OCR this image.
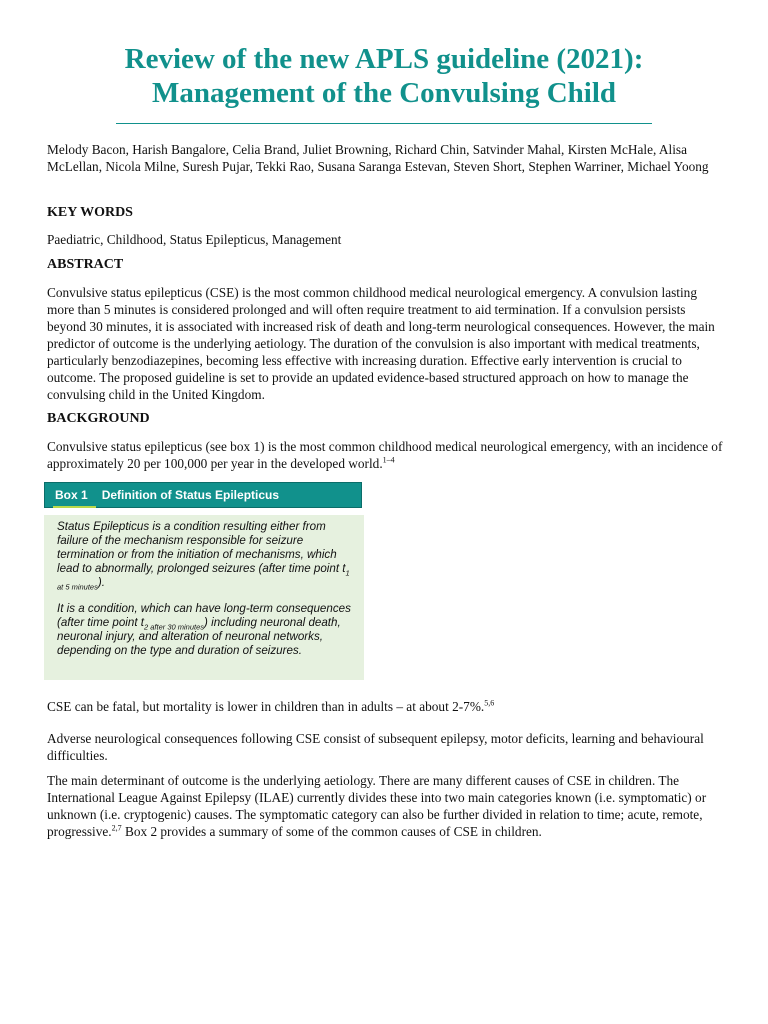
Review of the new APLS guideline (2021):
Management of the Convulsing Child
Melody Bacon, Harish Bangalore, Celia Brand, Juliet Browning, Richard Chin, Satvinder Mahal, Kirsten McHale, Alisa McLellan, Nicola Milne, Suresh Pujar, Tekki Rao, Susana Saranga Estevan, Steven Short, Stephen Warriner, Michael Yoong
KEY WORDS

Paediatric, Childhood, Status Epilepticus, Management

ABSTRACT

Convulsive status epilepticus (CSE) is the most common childhood medical neurological emergency. A convulsion lasting more than 5 minutes is considered prolonged and will often require treatment to aid termination. If a convulsion persists beyond 30 minutes, it is associated with increased risk of death and long-term neurological consequences. However, the main predictor of outcome is the underlying aetiology. The duration of the convulsion is also important with medical treatments, particularly benzodiazepines, becoming less effective with increasing duration. Effective early intervention is crucial to outcome. The proposed guideline is set to provide an updated evidence-based structured approach on how to manage the convulsing child in the United Kingdom.

BACKGROUND

Convulsive status epilepticus (see box 1) is the most common childhood medical neurological emergency, with an incidence of approximately 20 per 100,000 per year in the developed world.$^{1-4}$

Box 1 Definition of Status Epilepticus

Status Epilepticus is a condition resulting either from failure of the mechanism responsible for seizure termination or from the initiation of mechanisms, which lead to abnormally, prolonged seizures (after time point $t_{1 at 5 minutes}$).

It is a condition, which can have long-term consequences (after time point $t_{2 after 30 minutes}$) including neuronal death, neuronal injury, and alteration of neuronal networks, depending on the type and duration of seizures.

CSE can be fatal, but mortality is lower in children than in adults – at about 2-7%.$^{5,6}$

Adverse neurological consequences following CSE consist of subsequent epilepsy, motor deficits, learning and behavioural difficulties.

The main determinant of outcome is the underlying aetiology. There are many different causes of CSE in children. The International League Against Epilepsy (ILAE) currently divides these into two main categories known (i.e. symptomatic) or unknown (i.e. cryptogenic) causes. The symptomatic category can also be further divided in relation to time; acute, remote, progressive.$^{2,7}$ Box 2 provides a summary of some of the common causes of CSE in children.
